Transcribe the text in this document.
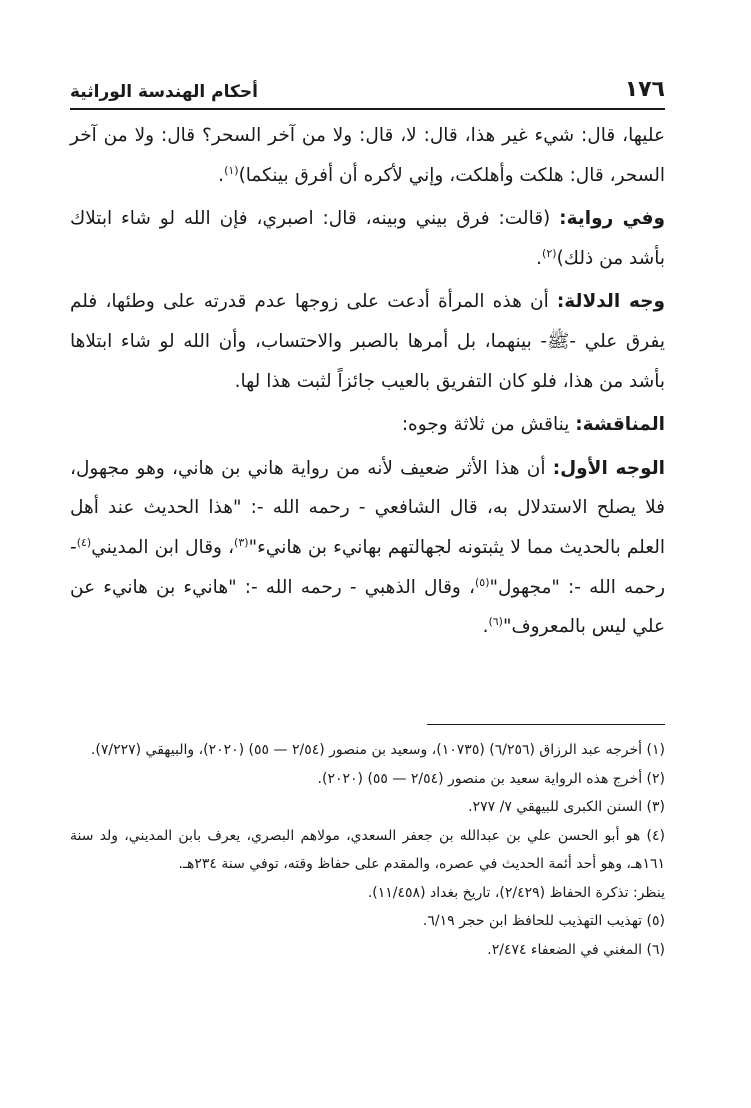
١٧٦
أحكام الهندسة الوراثية

عليها، قال: شيء غير هذا، قال: لا، قال: ولا من آخر السحر؟ قال: ولا من آخر السحر، قال: هلكت وأهلكت، وإني لأكره أن أفرق بينكما)$^{(١)}$.

وفي رواية: (قالت: فرق بيني وبينه، قال: اصبري، فإن الله لو شاء ابتلاك بأشد من ذلك)$^{(٢)}$.

وجه الدلالة: أن هذه المرأة أدعت على زوجها عدم قدرته على وطئها، فلم يفرق علي -ﷺ- بينهما، بل أمرها بالصبر والاحتساب، وأن الله لو شاء ابتلاها بأشد من هذا، فلو كان التفريق بالعيب جائزاً لثبت هذا لها.

المناقشة: يناقش من ثلاثة وجوه:

الوجه الأول: أن هذا الأثر ضعيف لأنه من رواية هاني بن هاني، وهو مجهول، فلا يصلح الاستدلال به، قال الشافعي - رحمه الله -: "هذا الحديث عند أهل العلم بالحديث مما لا يثبتونه لجهالتهم بهانيء بن هانيء"$^{(٣)}$، وقال ابن المديني$^{(٤)}$- رحمه الله -: "مجهول"$^{(٥)}$، وقال الذهبي - رحمه الله -: "هانيء بن هانيء عن علي ليس بالمعروف"$^{(٦)}$.

(١) أخرجه عبد الرزاق (٦/٢٥٦) (١٠٧٣٥)، وسعيد بن منصور (٢/٥٤ — ٥٥) (٢٠٢٠)، والبيهقي (٧/٢٢٧).

(٢) أخرج هذه الرواية سعيد بن منصور (٢/٥٤ — ٥٥) (٢٠٢٠).

(٣) السنن الكبرى للبيهقي ٧/ ٢٧٧.

(٤) هو أبو الحسن علي بن عبدالله بن جعفر السعدي، مولاهم البصري، يعرف بابن المديني، ولد سنة ١٦١هـ، وهو أحد أئمة الحديث في عصره، والمقدم على حفاظ وقته، توفي سنة ٢٣٤هـ.

ينظر: تذكرة الحفاظ (٢/٤٢٩)، تاريخ بغداد (١١/٤٥٨).

(٥) تهذيب التهذيب للحافظ ابن حجر ٦/١٩.

(٦) المغني في الضعفاء ٢/٤٧٤.
